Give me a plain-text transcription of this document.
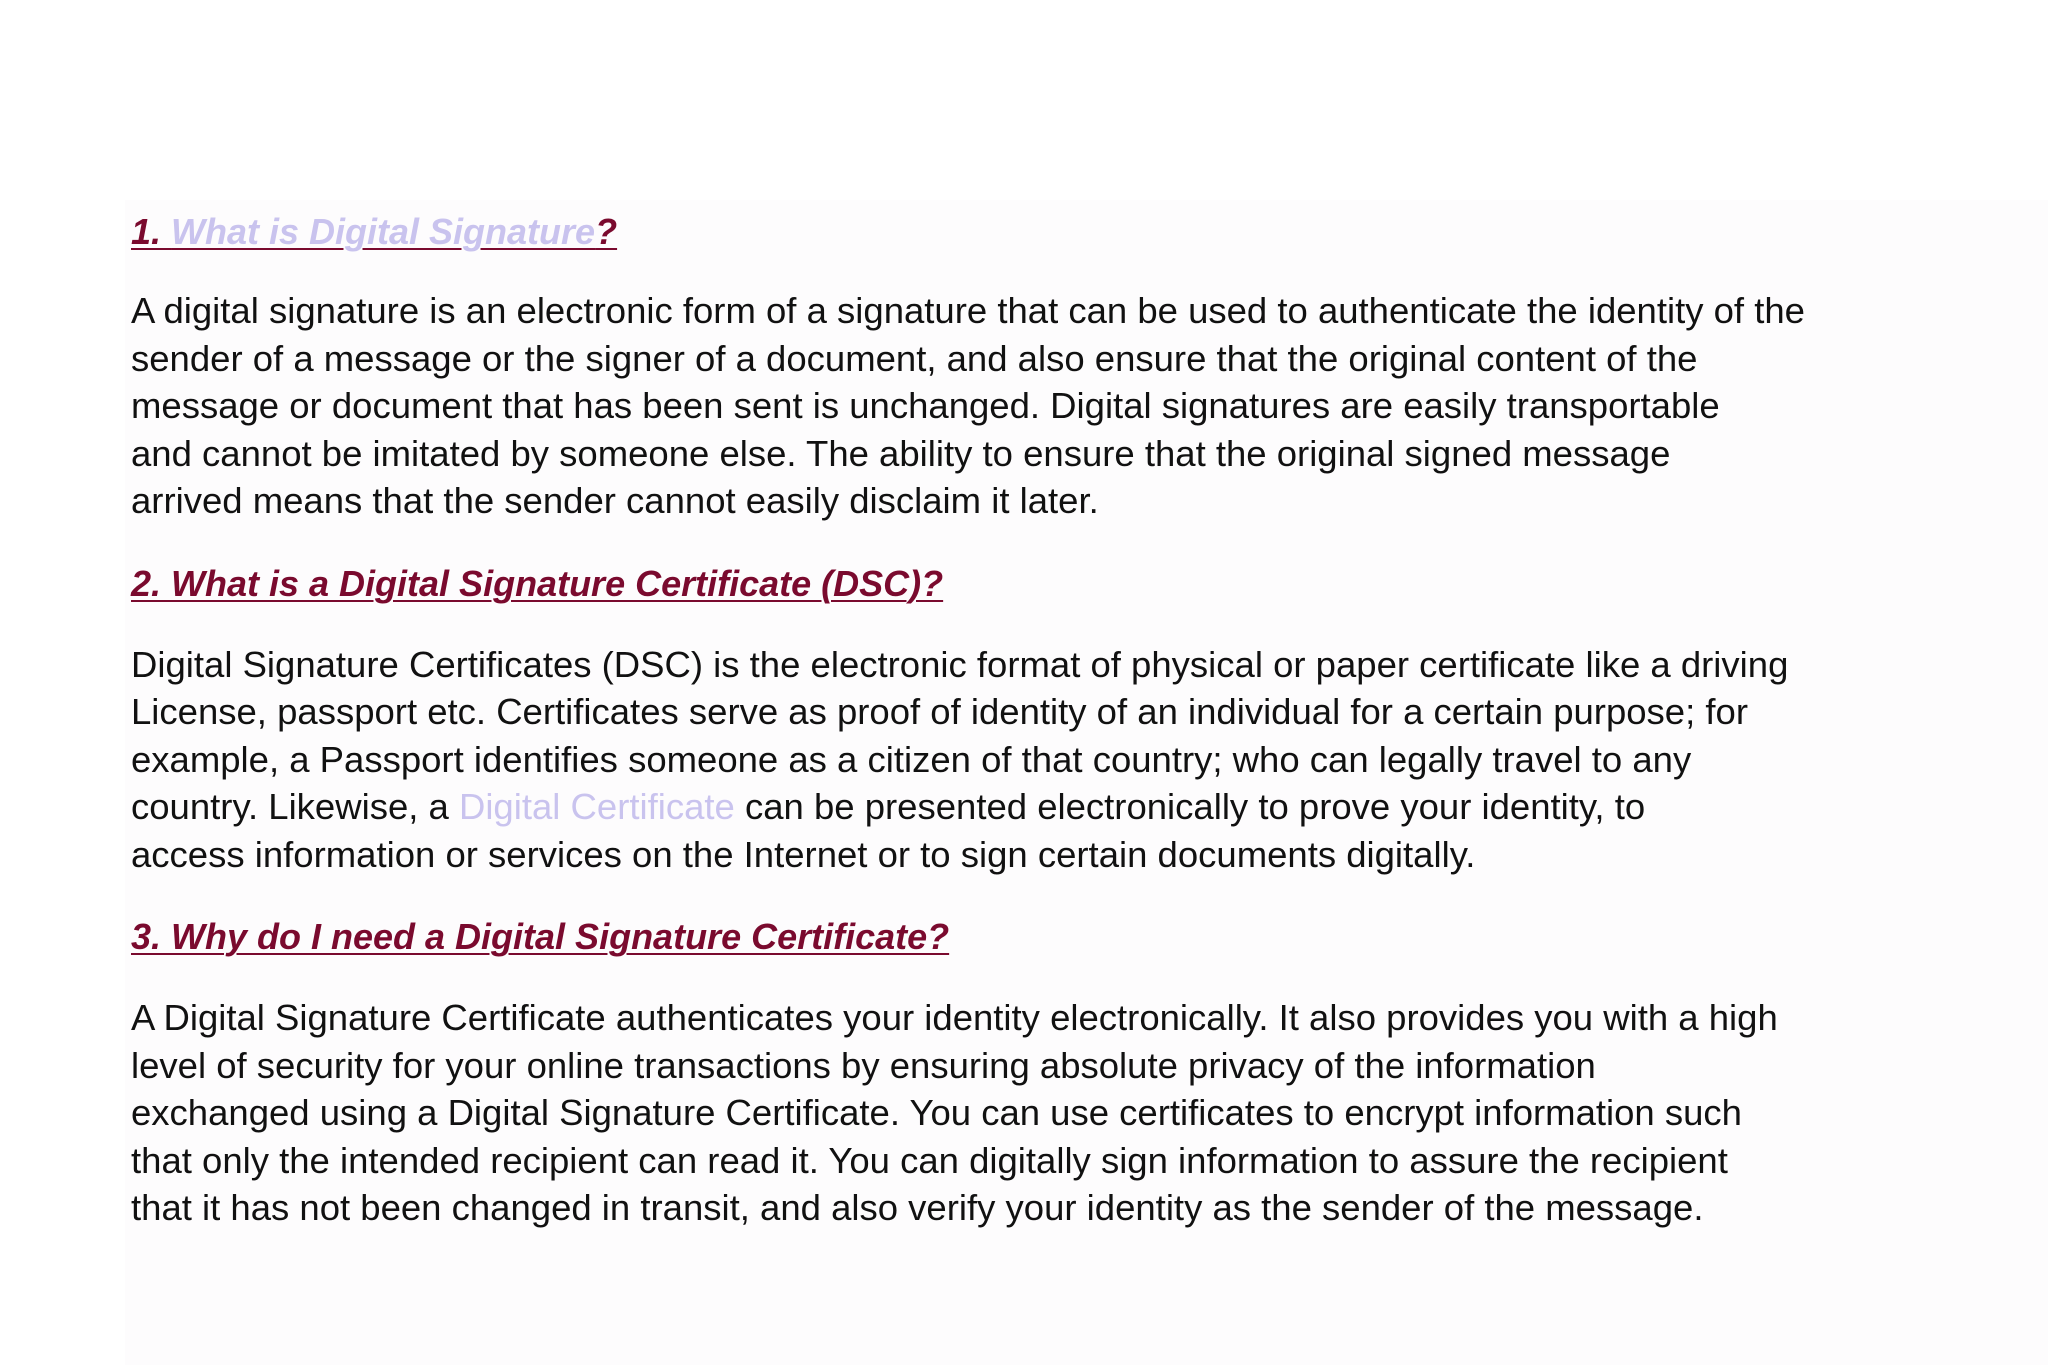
1. What is Digital Signature?

A digital signature is an electronic form of a signature that can be used to authenticate the identity of the
sender of a message or the signer of a document, and also ensure that the original content of the
message or document that has been sent is unchanged. Digital signatures are easily transportable
and cannot be imitated by someone else. The ability to ensure that the original signed message
arrived means that the sender cannot easily disclaim it later.

2. What is a Digital Signature Certificate (DSC)?

Digital Signature Certificates (DSC) is the electronic format of physical or paper certificate like a driving
License, passport etc. Certificates serve as proof of identity of an individual for a certain purpose; for
example, a Passport identifies someone as a citizen of that country; who can legally travel to any
country. Likewise, a Digital Certificate can be presented electronically to prove your identity, to
access information or services on the Internet or to sign certain documents digitally.

3. Why do I need a Digital Signature Certificate?

A Digital Signature Certificate authenticates your identity electronically. It also provides you with a high
level of security for your online transactions by ensuring absolute privacy of the information
exchanged using a Digital Signature Certificate. You can use certificates to encrypt information such
that only the intended recipient can read it. You can digitally sign information to assure the recipient
that it has not been changed in transit, and also verify your identity as the sender of the message.
